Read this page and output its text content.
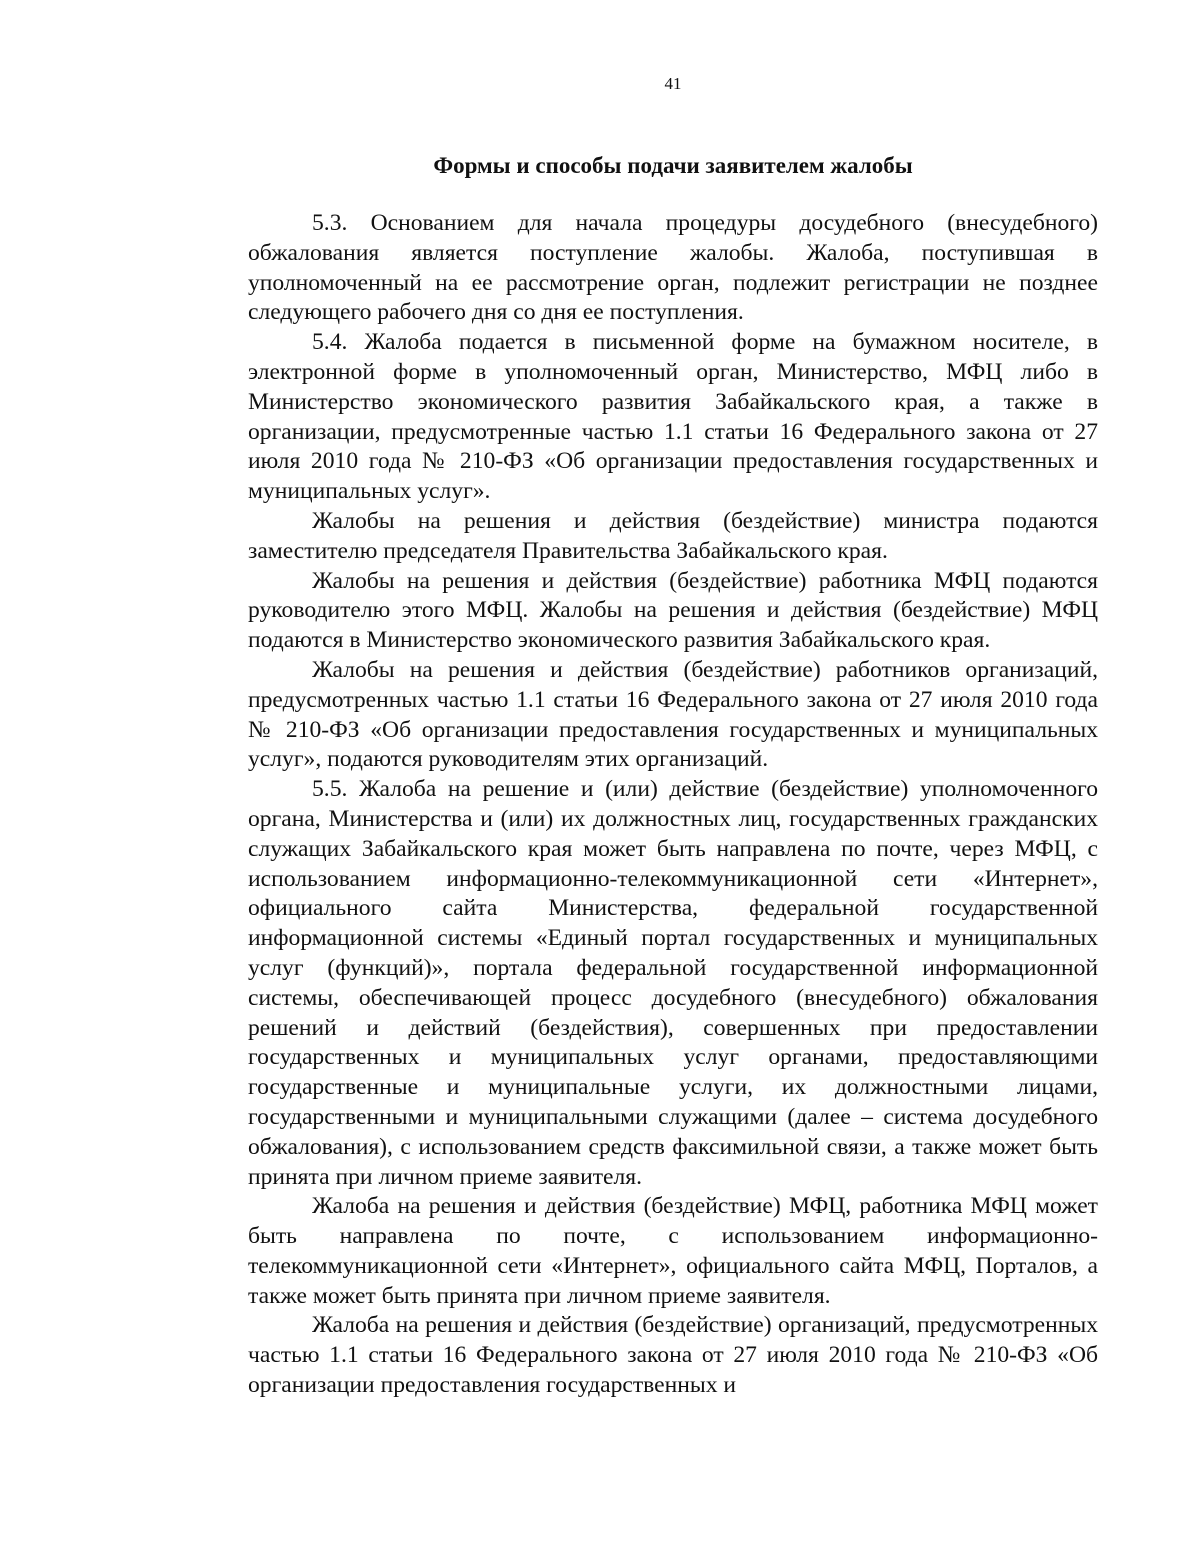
41
Формы и способы подачи заявителем жалобы

5.3. Основанием для начала процедуры досудебного (внесудебного) обжалования является поступление жалобы. Жалоба, поступившая в уполномоченный на ее рассмотрение орган, подлежит регистрации не позднее следующего рабочего дня со дня ее поступления.

5.4. Жалоба подается в письменной форме на бумажном носителе, в электронной форме в уполномоченный орган, Министерство, МФЦ либо в Министерство экономического развития Забайкальского края, а также в организации, предусмотренные частью 1.1 статьи 16 Федерального закона от 27 июля 2010 года № 210-ФЗ «Об организации предоставления государственных и муниципальных услуг».

Жалобы на решения и действия (бездействие) министра подаются заместителю председателя Правительства Забайкальского края.

Жалобы на решения и действия (бездействие) работника МФЦ подаются руководителю этого МФЦ. Жалобы на решения и действия (бездействие) МФЦ подаются в Министерство экономического развития Забайкальского края.

Жалобы на решения и действия (бездействие) работников организаций, предусмотренных частью 1.1 статьи 16 Федерального закона от 27 июля 2010 года № 210-ФЗ «Об организации предоставления государственных и муниципальных услуг», подаются руководителям этих организаций.

5.5. Жалоба на решение и (или) действие (бездействие) уполномоченного органа, Министерства и (или) их должностных лиц, государственных гражданских служащих Забайкальского края может быть направлена по почте, через МФЦ, с использованием информационно-телекоммуникационной сети «Интернет», официального сайта Министерства, федеральной государственной информационной системы «Единый портал государственных и муниципальных услуг (функций)», портала федеральной государственной информационной системы, обеспечивающей процесс досудебного (внесудебного) обжалования решений и действий (бездействия), совершенных при предоставлении государственных и муниципальных услуг органами, предоставляющими государственные и муниципальные услуги, их должностными лицами, государственными и муниципальными служащими (далее – система досудебного обжалования), с использованием средств факсимильной связи, а также может быть принята при личном приеме заявителя.

Жалоба на решения и действия (бездействие) МФЦ, работника МФЦ может быть направлена по почте, с использованием информационно-телекоммуникационной сети «Интернет», официального сайта МФЦ, Порталов, а также может быть принята при личном приеме заявителя.

Жалоба на решения и действия (бездействие) организаций, предусмотренных частью 1.1 статьи 16 Федерального закона от 27 июля 2010 года № 210-ФЗ «Об организации предоставления государственных и
